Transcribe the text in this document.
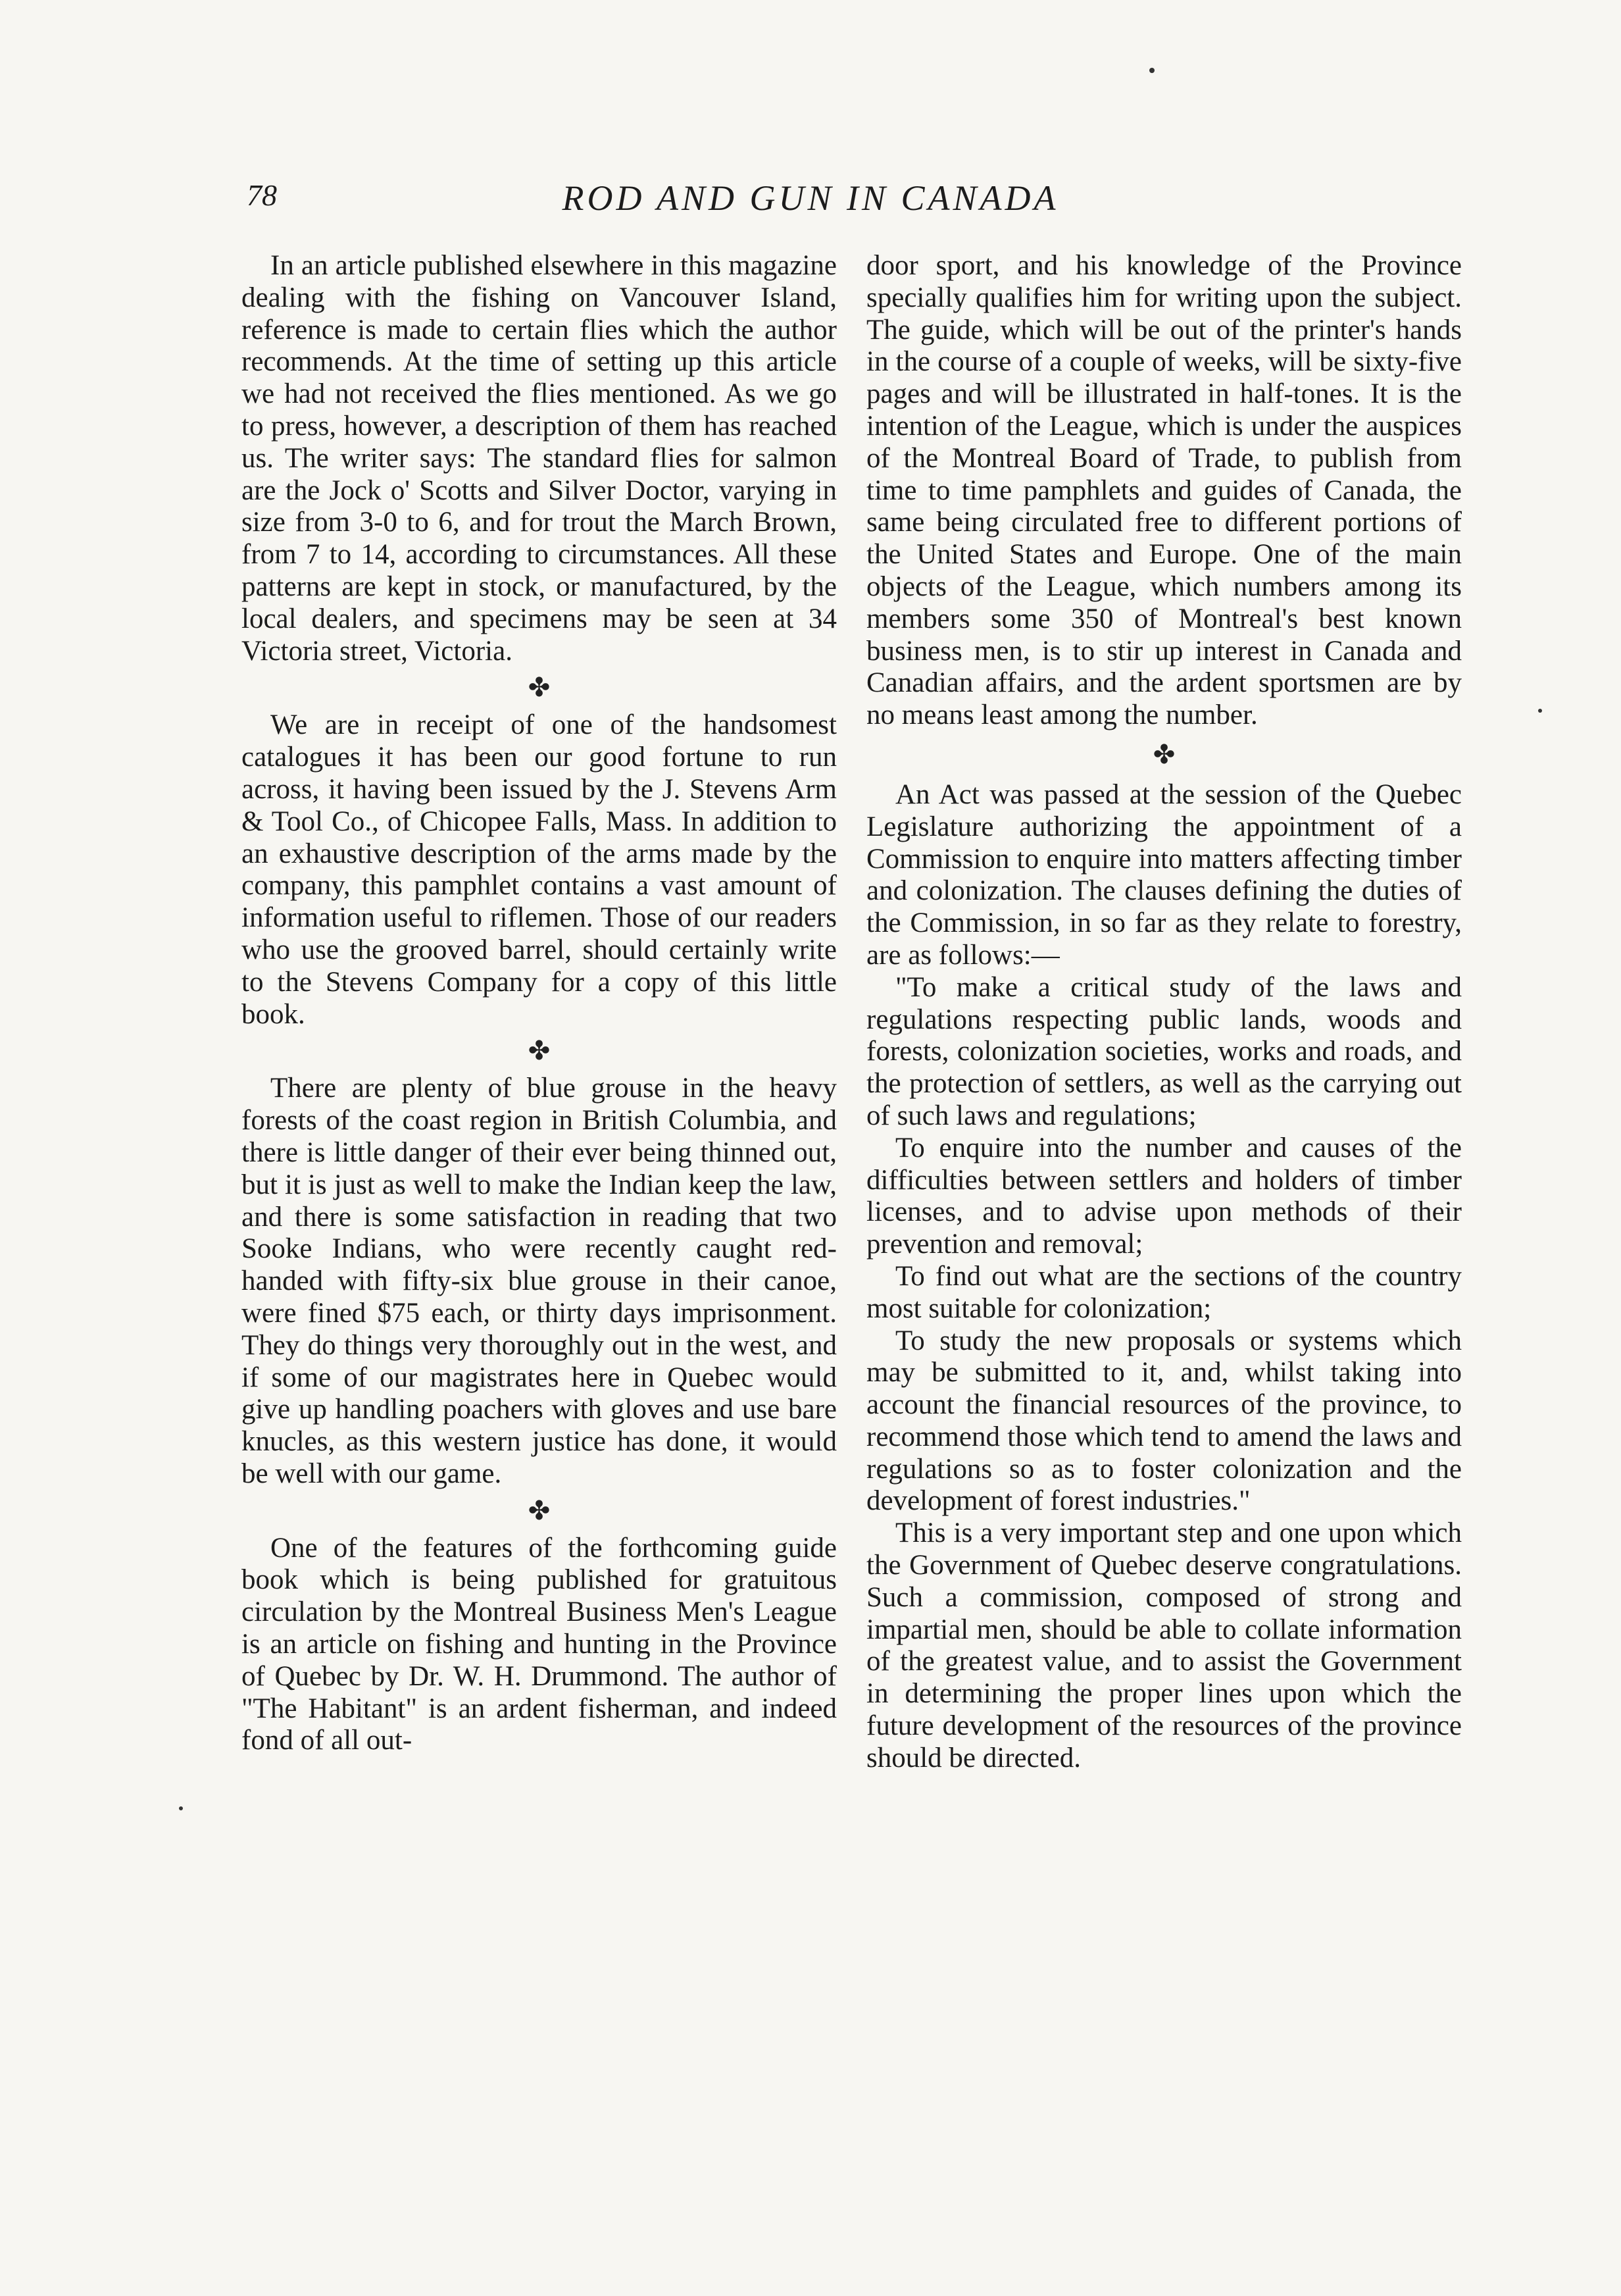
78	ROD AND GUN IN CANADA

In an article published elsewhere in this magazine dealing with the fishing on Vancouver Island, reference is made to certain flies which the author recommends. At the time of setting up this article we had not received the flies mentioned. As we go to press, however, a description of them has reached us. The writer says: The standard flies for salmon are the Jock o' Scotts and Silver Doctor, varying in size from 3-0 to 6, and for trout the March Brown, from 7 to 14, according to circumstances. All these patterns are kept in stock, or manufactured, by the local dealers, and specimens may be seen at 34 Victoria street, Victoria.

✤

We are in receipt of one of the handsomest catalogues it has been our good fortune to run across, it having been issued by the J. Stevens Arm & Tool Co., of Chicopee Falls, Mass. In addition to an exhaustive description of the arms made by the company, this pamphlet contains a vast amount of information useful to riflemen. Those of our readers who use the grooved barrel, should certainly write to the Stevens Company for a copy of this little book.

✤

There are plenty of blue grouse in the heavy forests of the coast region in British Columbia, and there is little danger of their ever being thinned out, but it is just as well to make the Indian keep the law, and there is some satisfaction in reading that two Sooke Indians, who were recently caught red-handed with fifty-six blue grouse in their canoe, were fined $75 each, or thirty days imprisonment. They do things very thoroughly out in the west, and if some of our magistrates here in Quebec would give up handling poachers with gloves and use bare knucles, as this western justice has done, it would be well with our game.

✤

One of the features of the forthcoming guide book which is being published for gratuitous circulation by the Montreal Business Men's League is an article on fishing and hunting in the Province of Quebec by Dr. W. H. Drummond. The author of "The Habitant" is an ardent fisherman, and indeed fond of all out-

door sport, and his knowledge of the Province specially qualifies him for writing upon the subject. The guide, which will be out of the printer's hands in the course of a couple of weeks, will be sixty-five pages and will be illustrated in half-tones. It is the intention of the League, which is under the auspices of the Montreal Board of Trade, to publish from time to time pamphlets and guides of Canada, the same being circulated free to different portions of the United States and Europe. One of the main objects of the League, which numbers among its members some 350 of Montreal's best known business men, is to stir up interest in Canada and Canadian affairs, and the ardent sportsmen are by no means least among the number.

✤

An Act was passed at the session of the Quebec Legislature authorizing the appointment of a Commission to enquire into matters affecting timber and colonization. The clauses defining the duties of the Commission, in so far as they relate to forestry, are as follows:—

"To make a critical study of the laws and regulations respecting public lands, woods and forests, colonization societies, works and roads, and the protection of settlers, as well as the carrying out of such laws and regulations;

To enquire into the number and causes of the difficulties between settlers and holders of timber licenses, and to advise upon methods of their prevention and removal;

To find out what are the sections of the country most suitable for colonization;

To study the new proposals or systems which may be submitted to it, and, whilst taking into account the financial resources of the province, to recommend those which tend to amend the laws and regulations so as to foster colonization and the development of forest industries."

This is a very important step and one upon which the Government of Quebec deserve congratulations. Such a commission, composed of strong and impartial men, should be able to collate information of the greatest value, and to assist the Government in determining the proper lines upon which the future development of the resources of the province should be directed.
